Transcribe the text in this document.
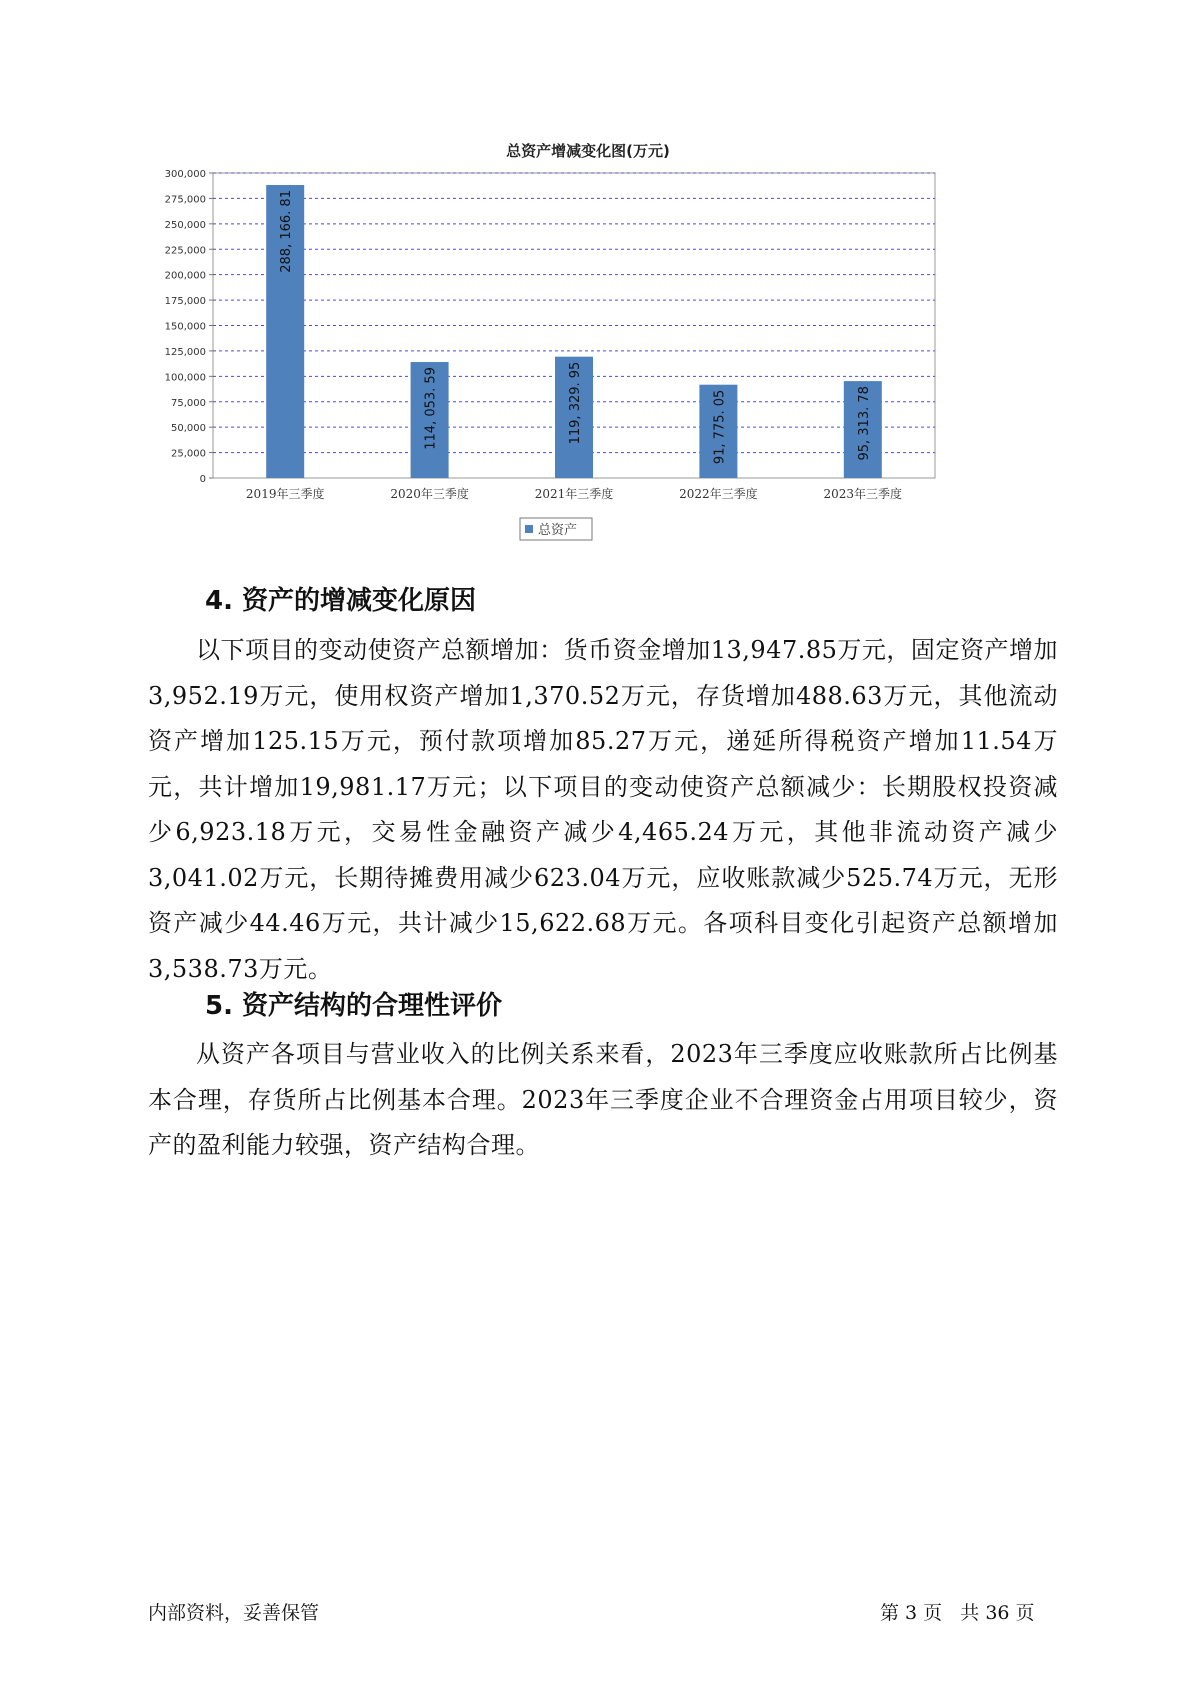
总资产增减变化图(万元)
0
25,000
50,000
75,000
100,000
125,000
150,000
175,000
200,000
225,000
250,000
275,000
300,000
288, 166. 81
2019年三季度
114, 053. 59
2020年三季度
119, 329. 95
2021年三季度
91, 775. 05
2022年三季度
95, 313. 78
2023年三季度
总资产
4. 资产的增减变化原因
以下项目的变动使资产总额增加：货币资金增加13,947.85万元，固定资产增加3,952.19万元，使用权资产增加1,370.52万元，存货增加488.63万元，其他流动资产增加125.15万元，预付款项增加85.27万元，递延所得税资产增加11.54万元，共计增加19,981.17万元；以下项目的变动使资产总额减少：长期股权投资减少6,923.18万元，交易性金融资产减少4,465.24万元，其他非流动资产减少3,041.02万元，长期待摊费用减少623.04万元，应收账款减少525.74万元，无形资产减少44.46万元，共计减少15,622.68万元。各项科目变化引起资产总额增加3,538.73万元。
5. 资产结构的合理性评价
从资产各项目与营业收入的比例关系来看，2023年三季度应收账款所占比例基本合理，存货所占比例基本合理。2023年三季度企业不合理资金占用项目较少，资产的盈利能力较强，资产结构合理。
内部资料，妥善保管	第 3 页   共 36 页
